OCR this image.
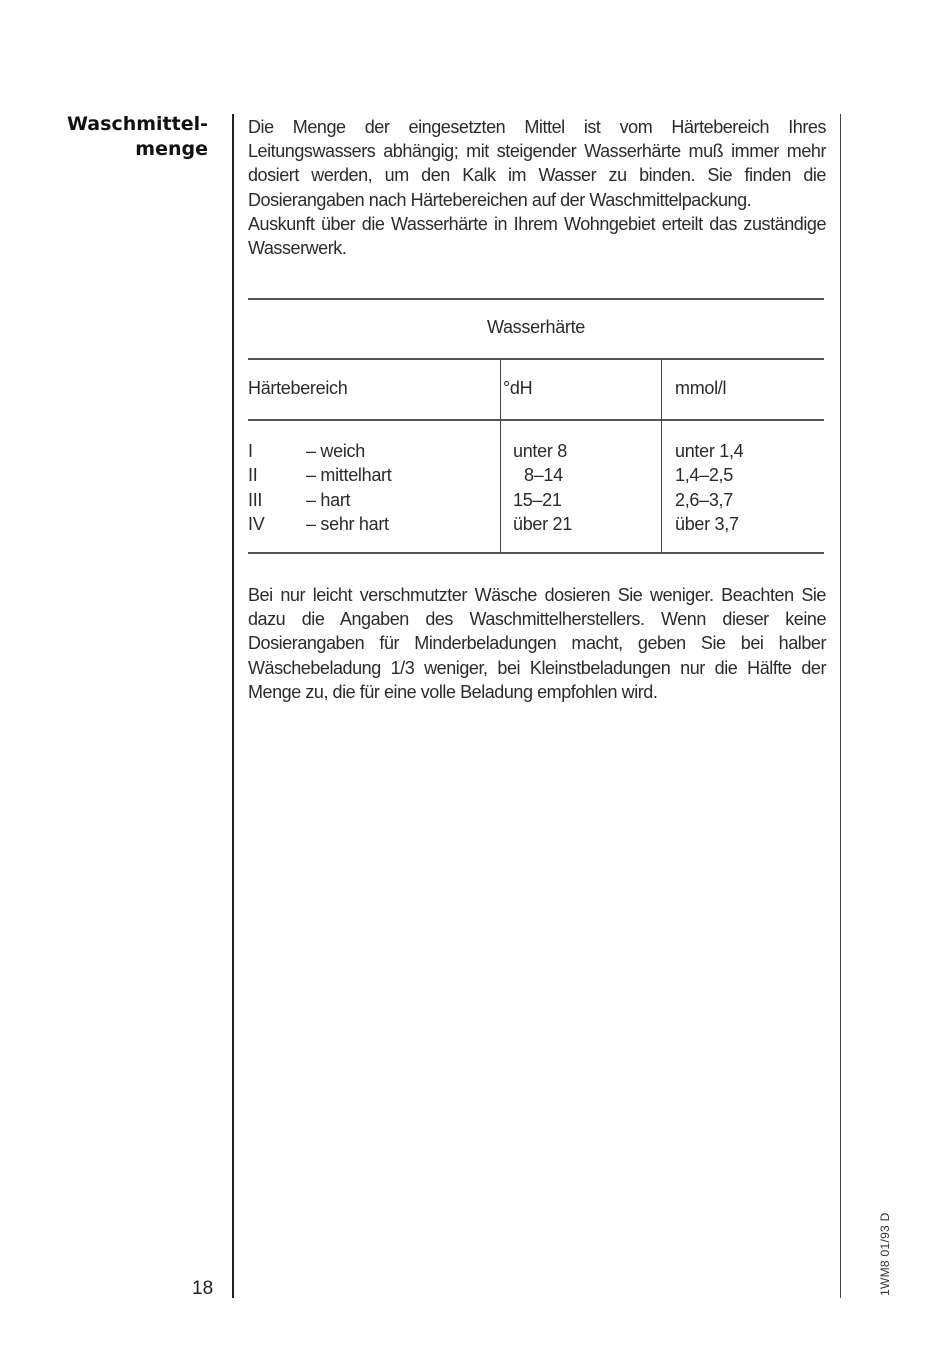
Waschmittel-
menge

Die Menge der eingesetzten Mittel ist vom Härtebereich Ihres Leitungswassers abhängig; mit steigender Wasserhärte muß immer mehr dosiert werden, um den Kalk im Wasser zu binden. Sie finden die Dosierangaben nach Härtebereichen auf der Waschmittelpackung.

Auskunft über die Wasserhärte in Ihrem Wohngebiet erteilt das zuständige Wasserwerk.

Wasserhärte
Härtebereich	°dH	mmol/l
I	– weich	unter 8	unter 1,4
II	– mittelhart	8–14	1,4–2,5
III – hart	15–21	2,6–3,7
IV – sehr hart	über 21	über 3,7

Bei nur leicht verschmutzter Wäsche dosieren Sie weniger. Beachten Sie dazu die Angaben des Waschmittelherstellers. Wenn dieser keine Dosierangaben für Minderbeladungen macht, geben Sie bei halber Wäschebeladung 1/3 weniger, bei Kleinstbeladungen nur die Hälfte der Menge zu, die für eine volle Beladung empfohlen wird.

18	1WM8 01/93 D
